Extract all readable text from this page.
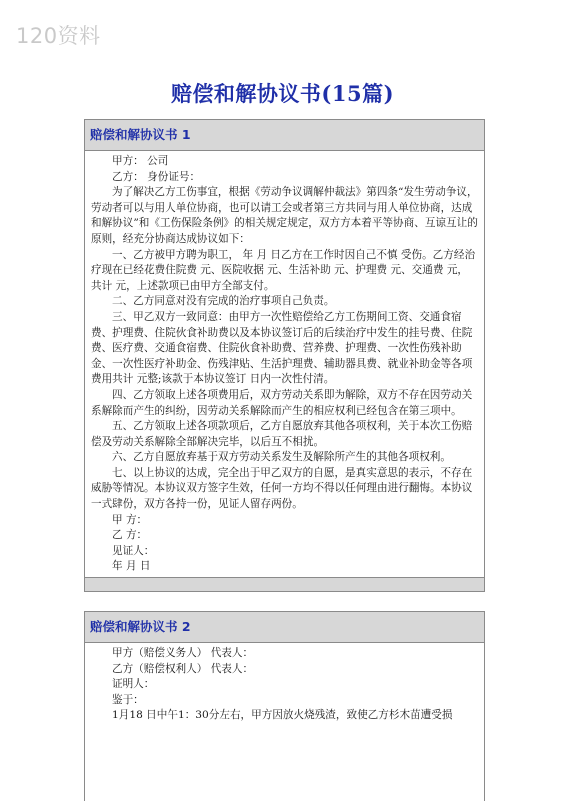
120资料
赔偿和解协议书(15篇)
赔偿和解协议书 1

甲方： 公司

乙方： 身份证号：

为了解决乙方工伤事宜，根据《劳动争议调解仲裁法》第四条“发生劳动争议，劳动者可以与用人单位协商，也可以请工会或者第三方共同与用人单位协商，达成和解协议”和《工伤保险条例》的相关规定规定，双方方本着平等协商、互谅互让的原则，经充分协商达成协议如下：

一、乙方被甲方聘为职工， 年 月 日乙方在工作时因自己不慎 受伤。乙方经治疗现在已经花费住院费 元、医院收据 元、生活补助 元、护理费 元、交通费 元，共计 元，上述款项已由甲方全部支付。

二、乙方同意对没有完成的治疗事项自己负责。

三、甲乙双方一致同意：由甲方一次性赔偿给乙方工伤期间工资、交通食宿费、护理费、住院伙食补助费以及本协议签订后的后续治疗中发生的挂号费、住院费、医疗费、交通食宿费、住院伙食补助费、营养费、护理费、一次性伤残补助金、一次性医疗补助金、伤残津贴、生活护理费、辅助器具费、就业补助金等各项费用共计 元整;该款于本协议签订 日内一次性付清。

四、乙方领取上述各项费用后，双方劳动关系即为解除，双方不存在因劳动关系解除而产生的纠纷，因劳动关系解除而产生的相应权利已经包含在第三项中。

五、乙方领取上述各项款项后，乙方自愿放弃其他各项权利，关于本次工伤赔偿及劳动关系解除全部解决完毕，以后互不相扰。

六、乙方自愿放弃基于双方劳动关系发生及解除所产生的其他各项权利。

七、以上协议的达成，完全出于甲乙双方的自愿，是真实意思的表示，不存在威胁等情况。本协议双方签字生效，任何一方均不得以任何理由进行翻悔。本协议一式肆份，双方各持一份，见证人留存两份。

甲 方：

乙 方：

见证人：

年 月 日

赔偿和解协议书 2

甲方（赔偿义务人） 代表人：

乙方（赔偿权利人） 代表人：

证明人：

鉴于：

1月18 日中午1：30分左右，甲方因放火烧残渣，致使乙方杉木苗遭受损
